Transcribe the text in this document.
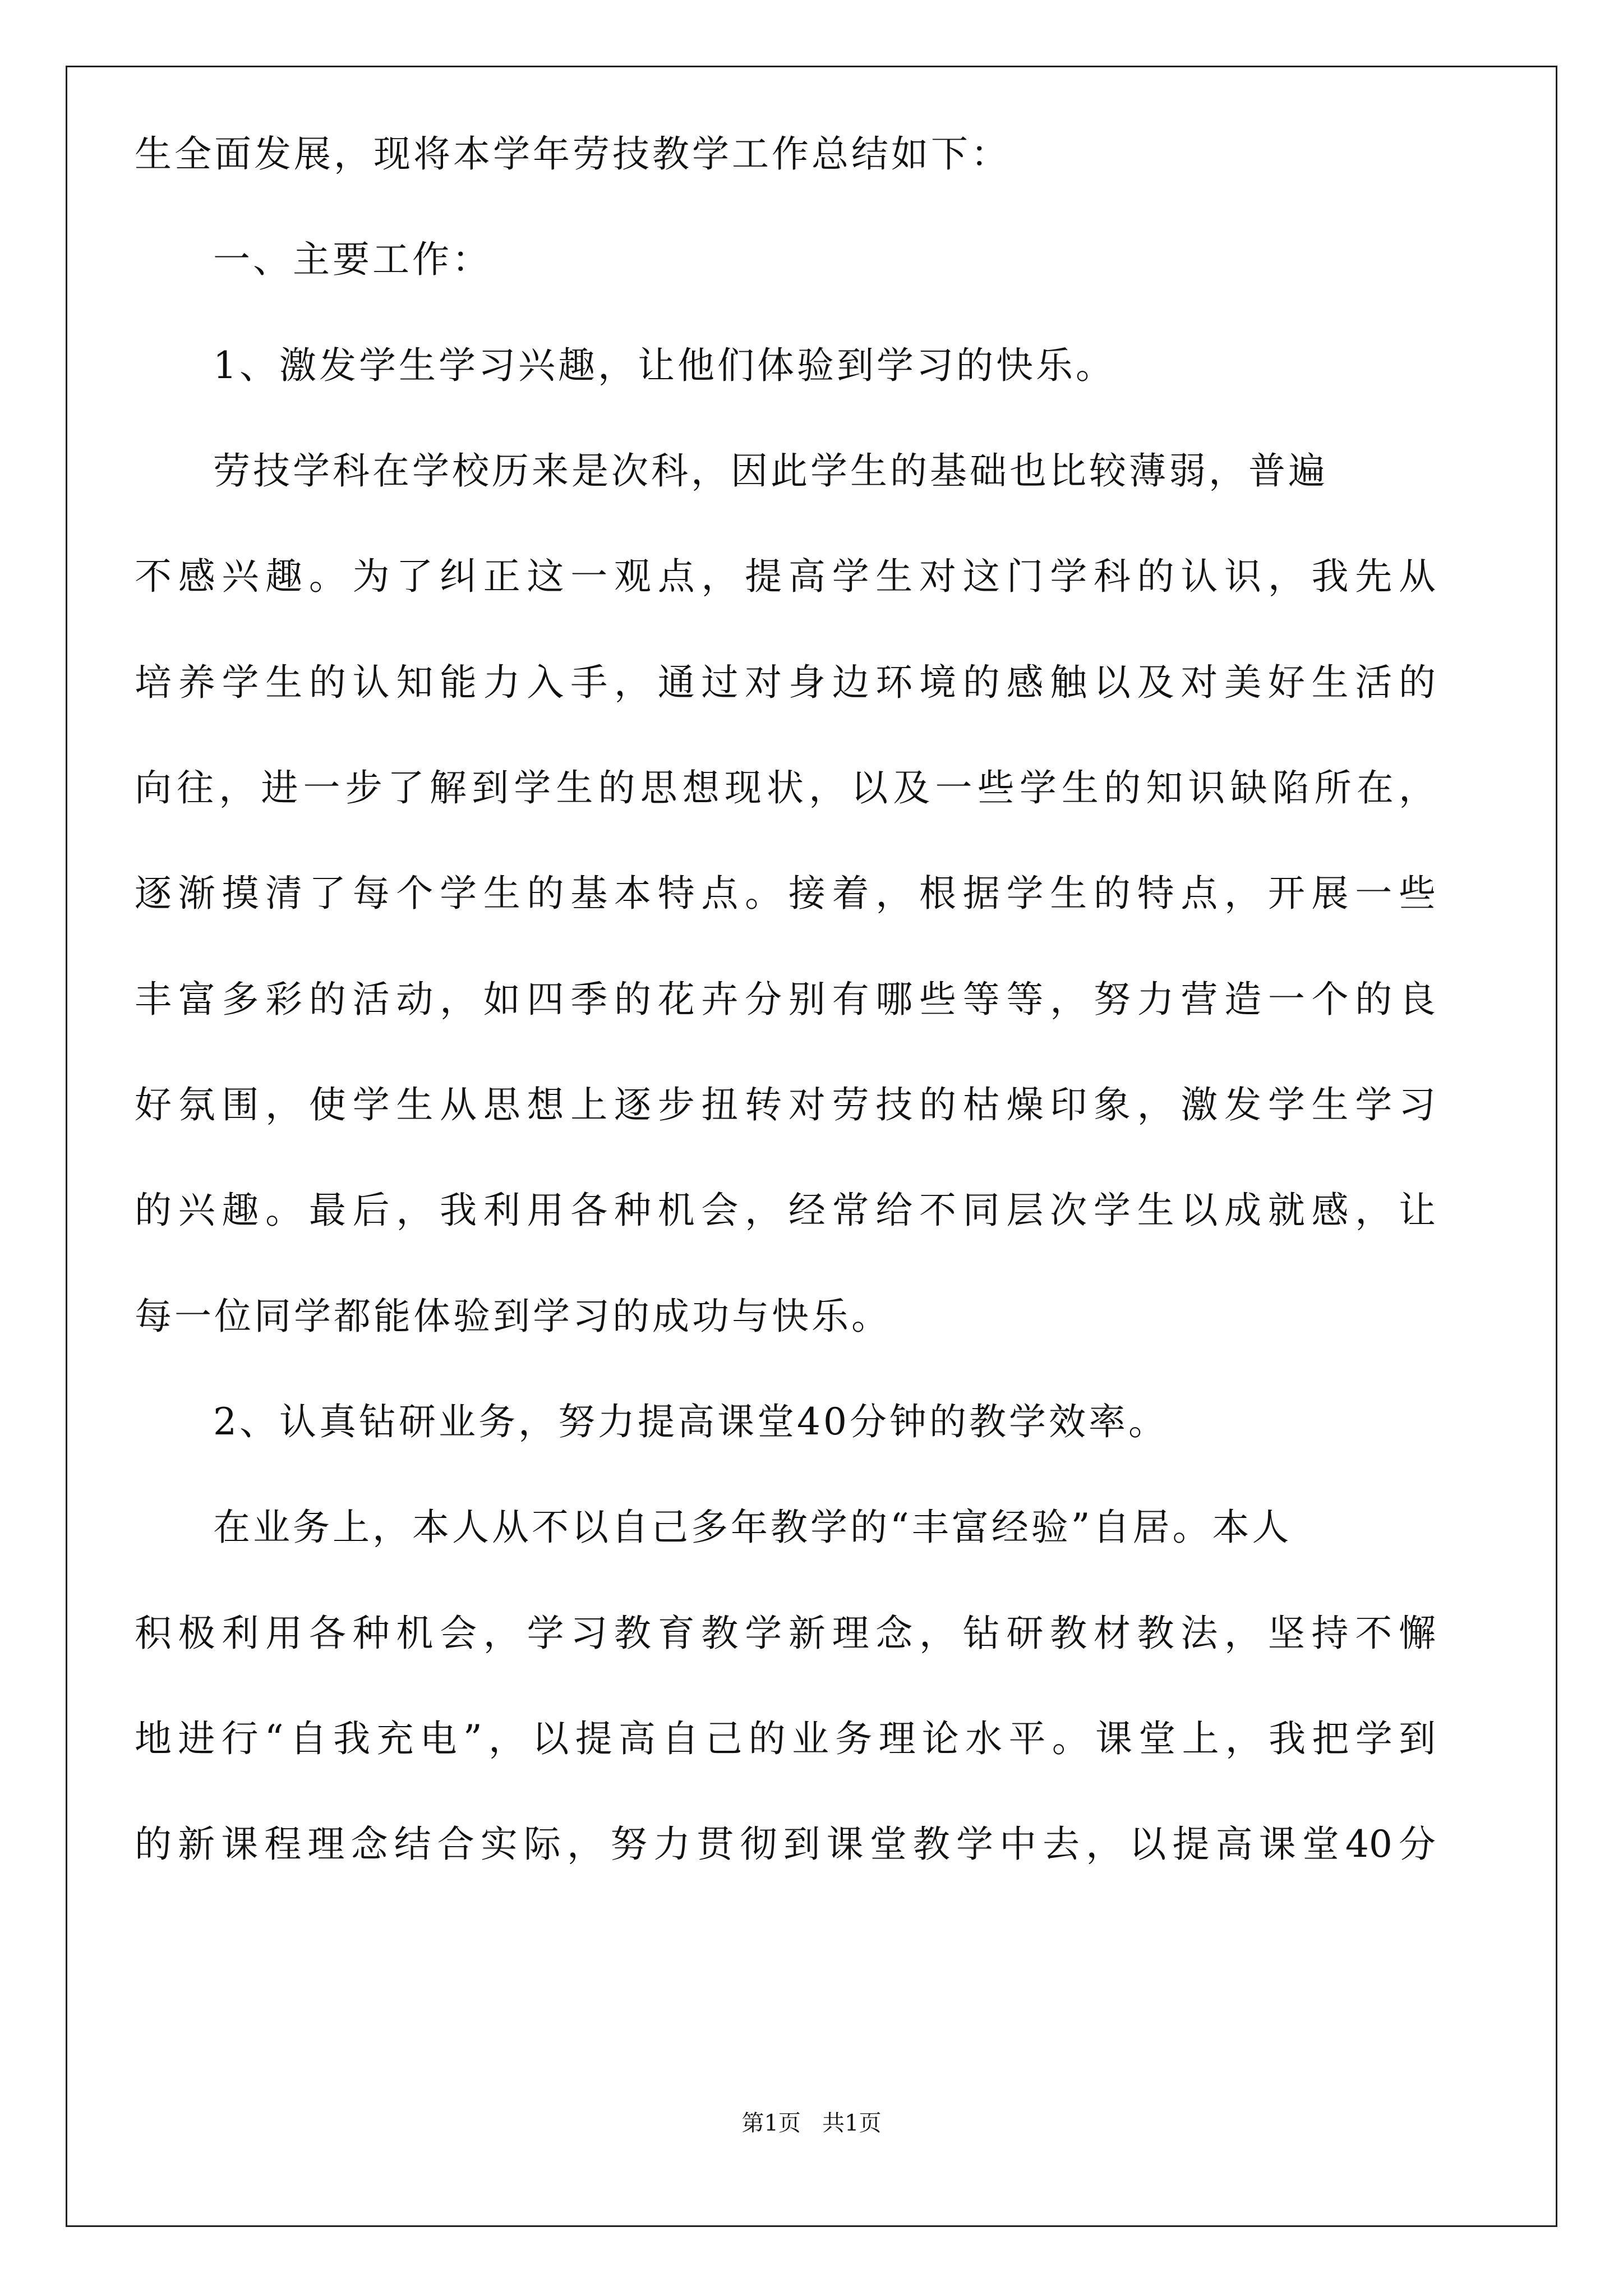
生全面发展，现将本学年劳技教学工作总结如下：
一、主要工作：
1、激发学生学习兴趣，让他们体验到学习的快乐。
劳技学科在学校历来是次科，因此学生的基础也比较薄弱，普遍
不感兴趣。为了纠正这一观点，提高学生对这门学科的认识，我先从
培养学生的认知能力入手，通过对身边环境的感触以及对美好生活的
向往，进一步了解到学生的思想现状，以及一些学生的知识缺陷所在，
逐渐摸清了每个学生的基本特点。接着，根据学生的特点，开展一些
丰富多彩的活动，如四季的花卉分别有哪些等等，努力营造一个的良
好氛围，使学生从思想上逐步扭转对劳技的枯燥印象，激发学生学习
的兴趣。最后，我利用各种机会，经常给不同层次学生以成就感，让
每一位同学都能体验到学习的成功与快乐。
2、认真钻研业务，努力提高课堂40分钟的教学效率。
在业务上，本人从不以自己多年教学的“丰富经验”自居。本人
积极利用各种机会，学习教育教学新理念，钻研教材教法，坚持不懈
地进行“自我充电”，以提高自己的业务理论水平。课堂上，我把学到
的新课程理念结合实际，努力贯彻到课堂教学中去，以提高课堂40分
第1页   共1页
